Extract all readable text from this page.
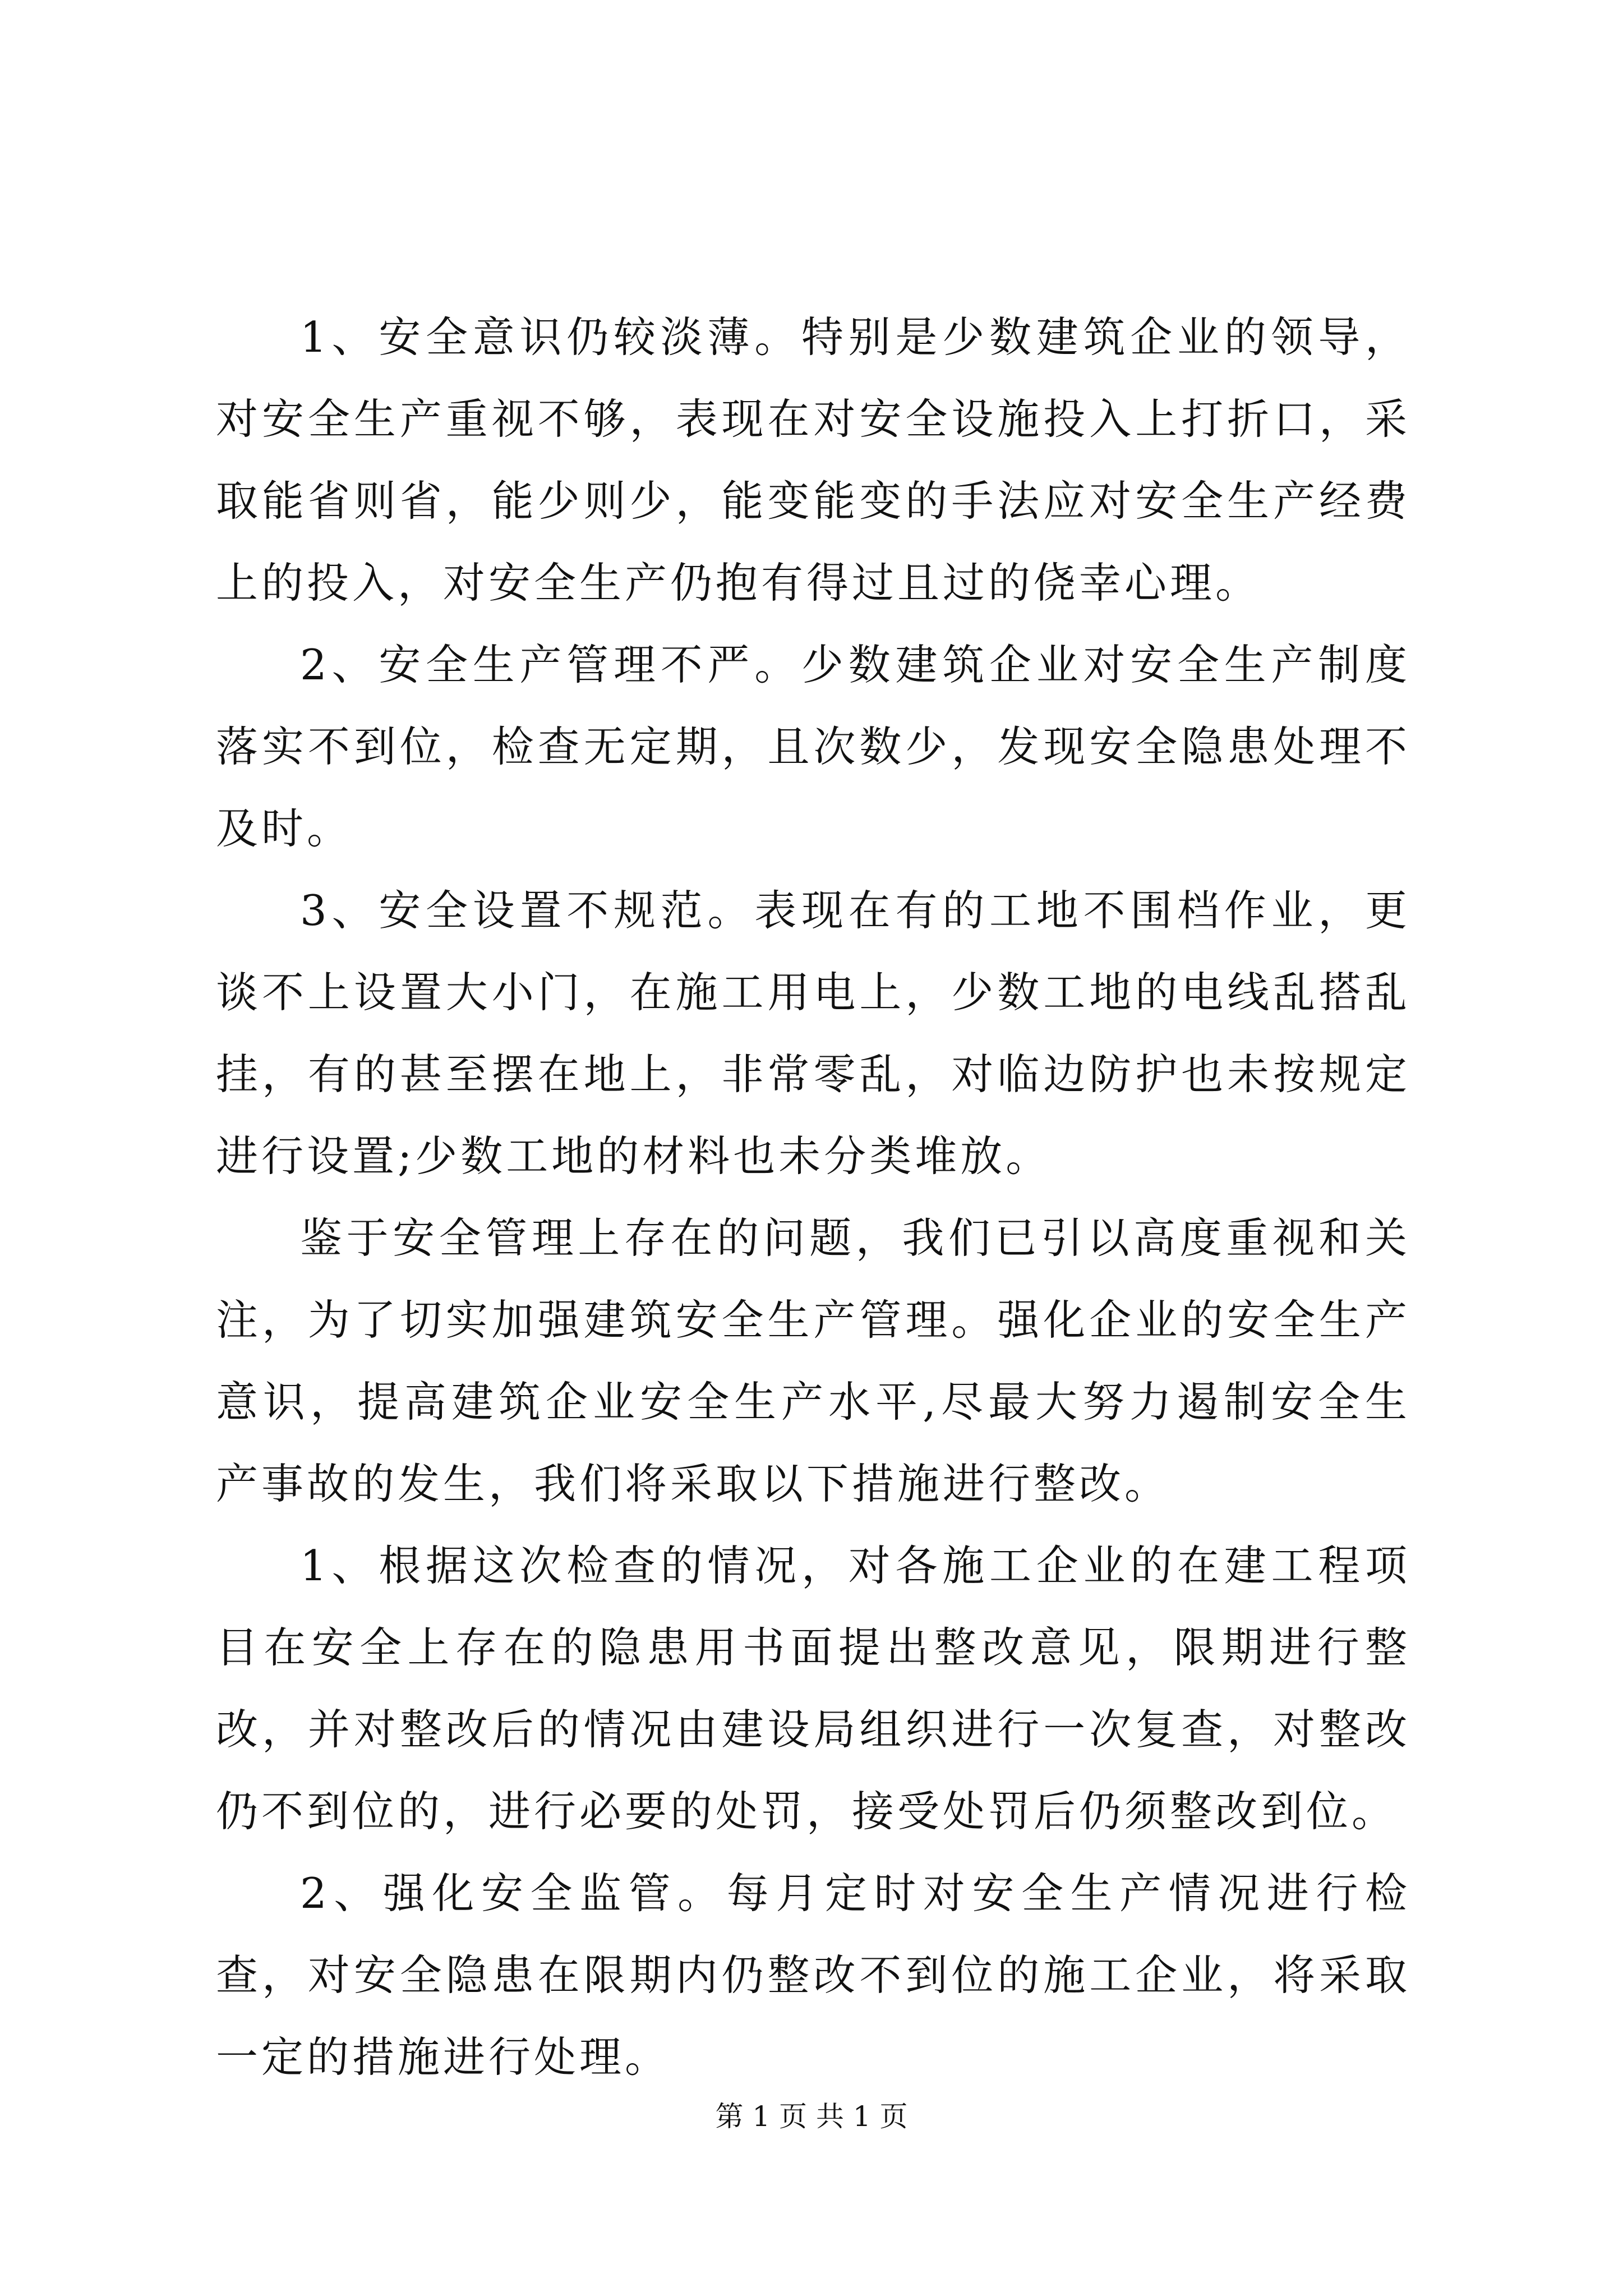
1、安全意识仍较淡薄。特别是少数建筑企业的领导，对安全生产重视不够，表现在对安全设施投入上打折口，采取能省则省，能少则少，能变能变的手法应对安全生产经费上的投入，对安全生产仍抱有得过且过的侥幸心理。

2、安全生产管理不严。少数建筑企业对安全生产制度落实不到位，检查无定期，且次数少，发现安全隐患处理不及时。

3、安全设置不规范。表现在有的工地不围档作业，更谈不上设置大小门，在施工用电上，少数工地的电线乱搭乱挂，有的甚至摆在地上，非常零乱，对临边防护也未按规定进行设置;少数工地的材料也未分类堆放。

鉴于安全管理上存在的问题，我们已引以高度重视和关注，为了切实加强建筑安全生产管理。强化企业的安全生产意识，提高建筑企业安全生产水平,尽最大努力遏制安全生产事故的发生，我们将采取以下措施进行整改。

1、根据这次检查的情况，对各施工企业的在建工程项目在安全上存在的隐患用书面提出整改意见，限期进行整改，并对整改后的情况由建设局组织进行一次复查，对整改仍不到位的，进行必要的处罚，接受处罚后仍须整改到位。

2、强化安全监管。每月定时对安全生产情况进行检查，对安全隐患在限期内仍整改不到位的施工企业，将采取一定的措施进行处理。

第 1 页 共 1 页
